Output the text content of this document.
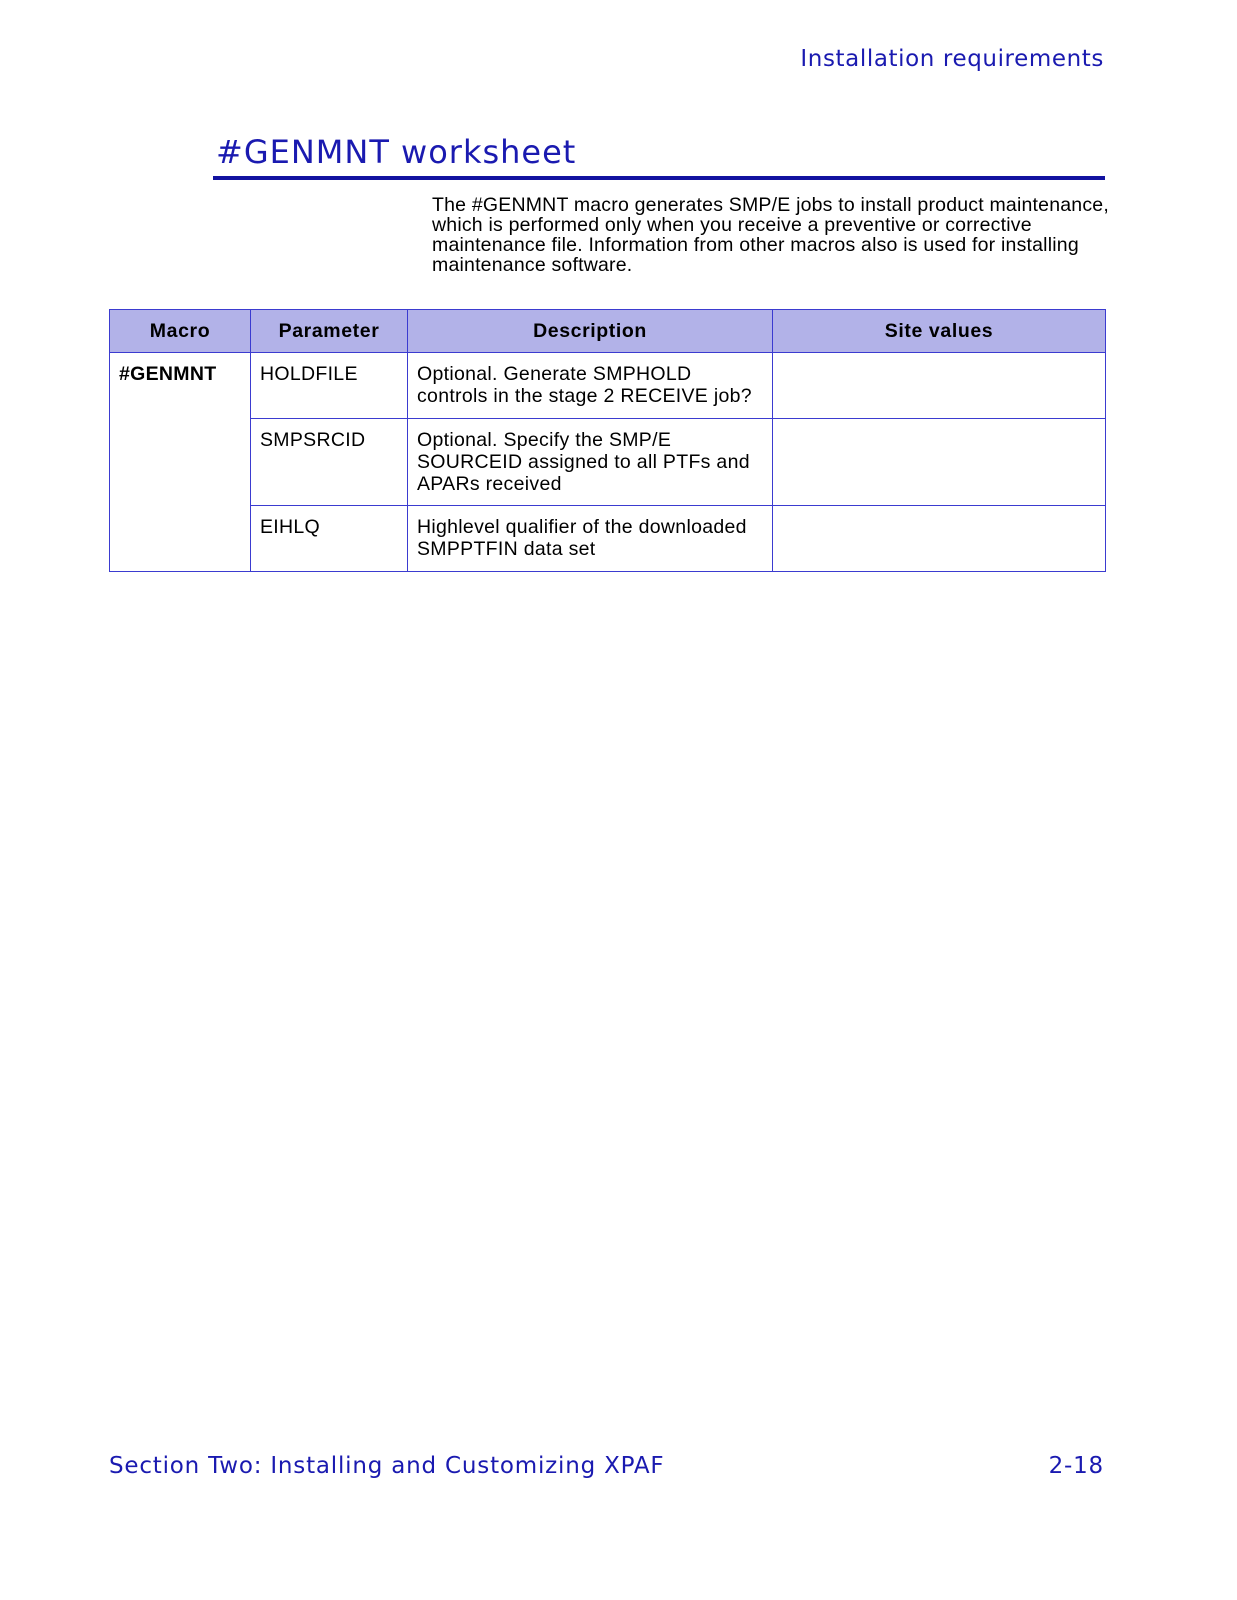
Installation requirements
#GENMNT worksheet

The #GENMNT macro generates SMP/E jobs to install product maintenance, which is performed only when you receive a preventive or corrective maintenance file. Information from other macros also is used for installing maintenance software.

Macro	Parameter	Description	Site values
#GENMNT	HOLDFILE	Optional. Generate SMPHOLD controls in the stage 2 RECEIVE job?	
	SMPSRCID	Optional. Specify the SMP/E SOURCEID assigned to all PTFs and APARs received	
	EIHLQ	Highlevel qualifier of the downloaded SMPPTFIN data set	
Section Two: Installing and Customizing XPAF	2-18
